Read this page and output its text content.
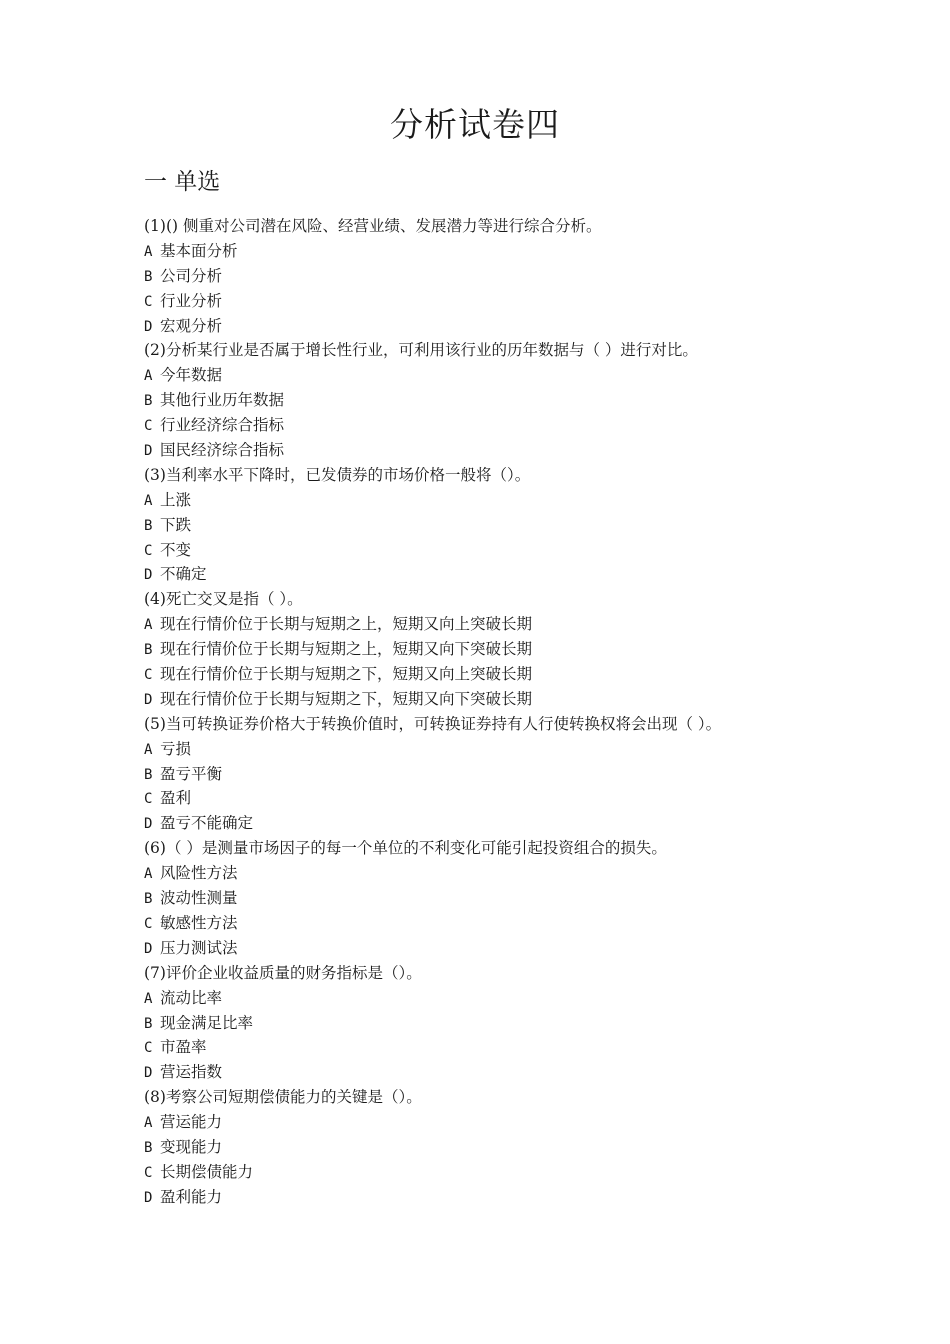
分析试卷四
一 单选
(1)() 侧重对公司潜在风险、经营业绩、发展潜力等进行综合分析。
A 基本面分析
B 公司分析
C 行业分析
D 宏观分析
(2)分析某行业是否属于增长性行业，可利用该行业的历年数据与（ ）进行对比。
A 今年数据
B 其他行业历年数据
C 行业经济综合指标
D 国民经济综合指标
(3)当利率水平下降时，已发债券的市场价格一般将（）。
A 上涨
B 下跌
C 不变
D 不确定
(4)死亡交叉是指（ ）。
A 现在行情价位于长期与短期之上，短期又向上突破长期
B 现在行情价位于长期与短期之上，短期又向下突破长期
C 现在行情价位于长期与短期之下，短期又向上突破长期
D 现在行情价位于长期与短期之下，短期又向下突破长期
(5)当可转换证券价格大于转换价值时，可转换证券持有人行使转换权将会出现（ ）。
A 亏损
B 盈亏平衡
C 盈利
D 盈亏不能确定
(6)（ ）是测量市场因子的每一个单位的不利变化可能引起投资组合的损失。
A 风险性方法
B 波动性测量
C 敏感性方法
D 压力测试法
(7)评价企业收益质量的财务指标是（）。
A 流动比率
B 现金满足比率
C 市盈率
D 营运指数
(8)考察公司短期偿债能力的关键是（）。
A 营运能力
B 变现能力
C 长期偿债能力
D 盈利能力
